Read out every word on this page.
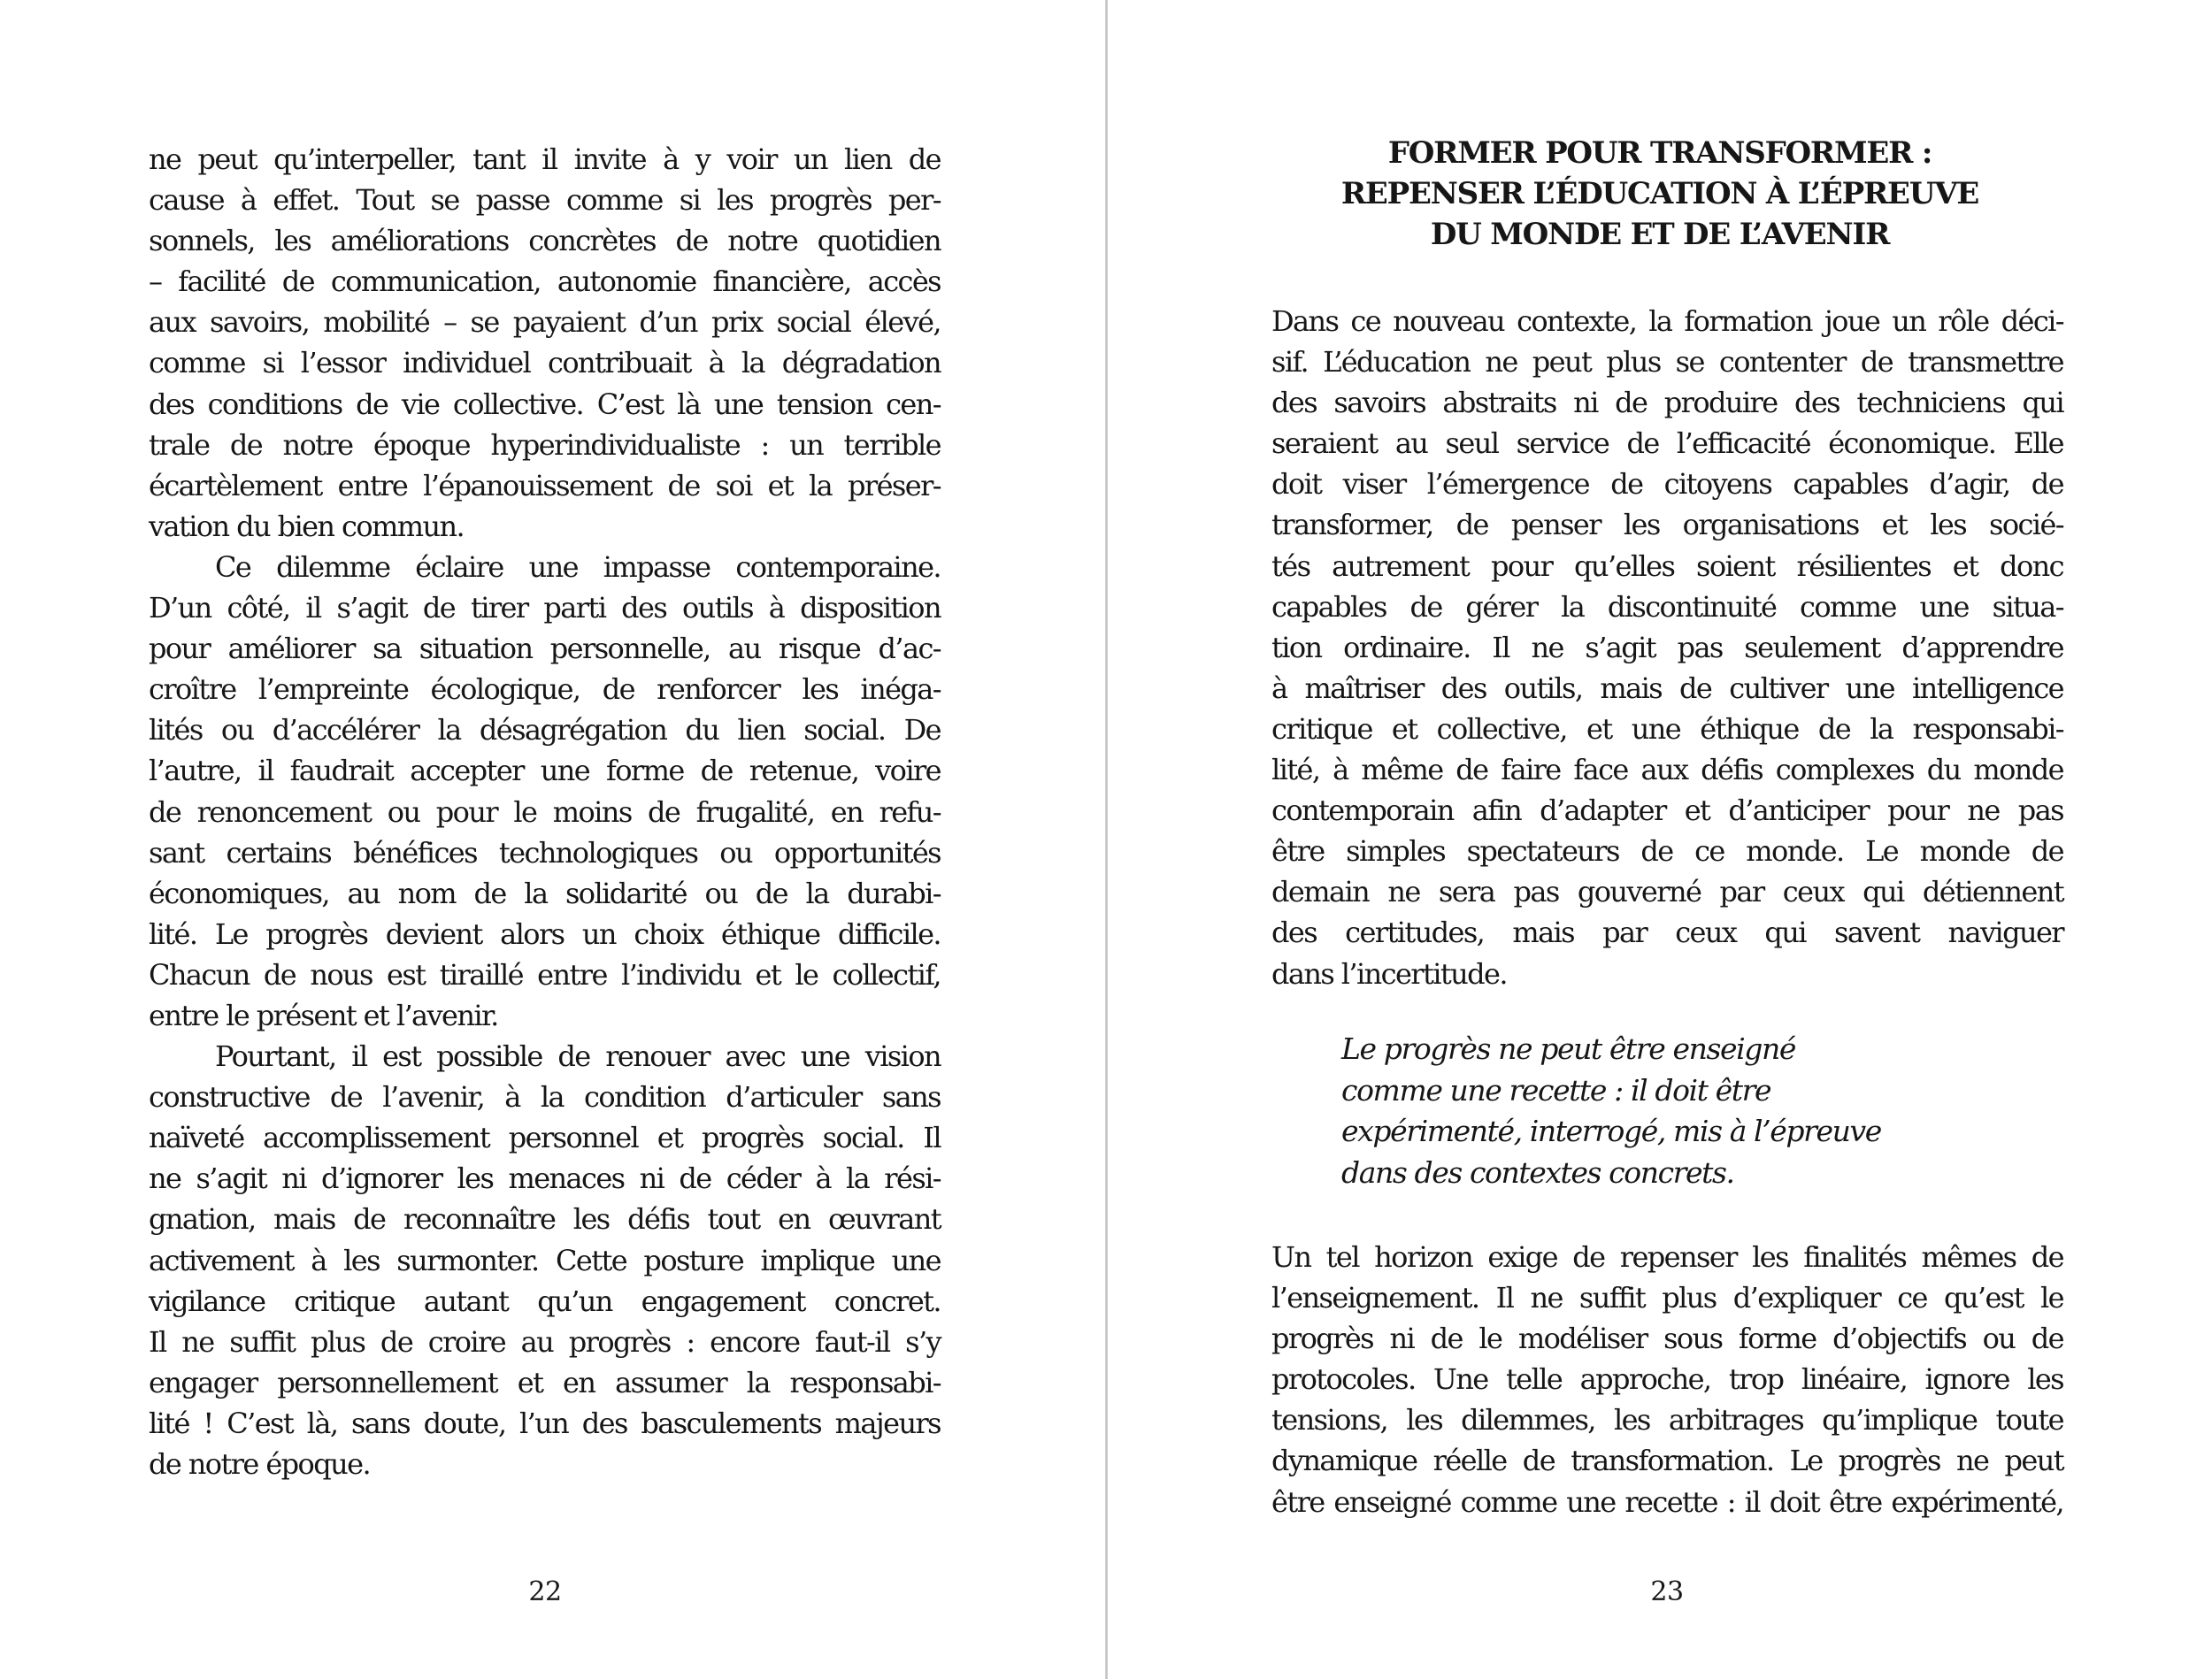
ne peut qu’interpeller, tant il invite à y voir un lien de
cause à effet. Tout se passe comme si les progrès per-
sonnels, les améliorations concrètes de notre quotidien
– facilité de communication, autonomie financière, accès
aux savoirs, mobilité – se payaient d’un prix social élevé,
comme si l’essor individuel contribuait à la dégradation
des conditions de vie collective. C’est là une tension cen-
trale de notre époque hyperindividualiste : un terrible
écartèlement entre l’épanouissement de soi et la préser-
vation du bien commun.
Ce dilemme éclaire une impasse contemporaine.
D’un côté, il s’agit de tirer parti des outils à disposition
pour améliorer sa situation personnelle, au risque d’ac-
croître l’empreinte écologique, de renforcer les inéga-
lités ou d’accélérer la désagrégation du lien social. De
l’autre, il faudrait accepter une forme de retenue, voire
de renoncement ou pour le moins de frugalité, en refu-
sant certains bénéfices technologiques ou opportunités
économiques, au nom de la solidarité ou de la durabi-
lité. Le progrès devient alors un choix éthique difficile.
Chacun de nous est tiraillé entre l’individu et le collectif,
entre le présent et l’avenir.
Pourtant, il est possible de renouer avec une vision
constructive de l’avenir, à la condition d’articuler sans
naïveté accomplissement personnel et progrès social. Il
ne s’agit ni d’ignorer les menaces ni de céder à la rési-
gnation, mais de reconnaître les défis tout en œuvrant
activement à les surmonter. Cette posture implique une
vigilance critique autant qu’un engagement concret.
Il ne suffit plus de croire au progrès : encore faut-il s’y
engager personnellement et en assumer la responsabi-
lité ! C’est là, sans doute, l’un des basculements majeurs
de notre époque.
22
FORMER POUR TRANSFORMER :
REPENSER L’ÉDUCATION À L’ÉPREUVE
DU MONDE ET DE L’AVENIR
Dans ce nouveau contexte, la formation joue un rôle déci-
sif. L’éducation ne peut plus se contenter de transmettre
des savoirs abstraits ni de produire des techniciens qui
seraient au seul service de l’efficacité économique. Elle
doit viser l’émergence de citoyens capables d’agir, de
transformer, de penser les organisations et les socié-
tés autrement pour qu’elles soient résilientes et donc
capables de gérer la discontinuité comme une situa-
tion ordinaire. Il ne s’agit pas seulement d’apprendre
à maîtriser des outils, mais de cultiver une intelligence
critique et collective, et une éthique de la responsabi-
lité, à même de faire face aux défis complexes du monde
contemporain afin d’adapter et d’anticiper pour ne pas
être simples spectateurs de ce monde. Le monde de
demain ne sera pas gouverné par ceux qui détiennent
des certitudes, mais par ceux qui savent naviguer
dans l’incertitude.
Le progrès ne peut être enseigné
comme une recette : il doit être
expérimenté, interrogé, mis à l’épreuve
dans des contextes concrets.
Un tel horizon exige de repenser les finalités mêmes de
l’enseignement. Il ne suffit plus d’expliquer ce qu’est le
progrès ni de le modéliser sous forme d’objectifs ou de
protocoles. Une telle approche, trop linéaire, ignore les
tensions, les dilemmes, les arbitrages qu’implique toute
dynamique réelle de transformation. Le progrès ne peut
être enseigné comme une recette : il doit être expérimenté,
23
